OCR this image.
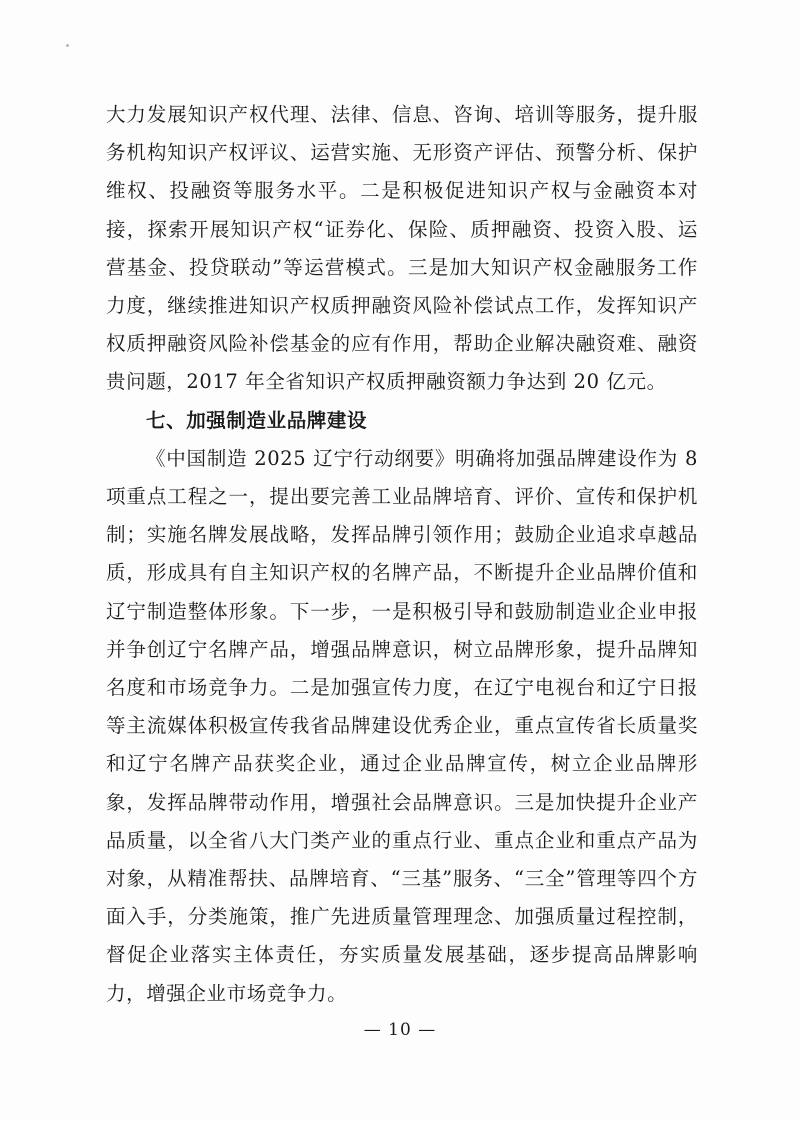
大力发展知识产权代理、法律、信息、咨询、培训等服务，提升服务机构知识产权评议、运营实施、无形资产评估、预警分析、保护维权、投融资等服务水平。二是积极促进知识产权与金融资本对接，探索开展知识产权“证券化、保险、质押融资、投资入股、运营基金、投贷联动”等运营模式。三是加大知识产权金融服务工作力度，继续推进知识产权质押融资风险补偿试点工作，发挥知识产权质押融资风险补偿基金的应有作用，帮助企业解决融资难、融资贵问题，2017 年全省知识产权质押融资额力争达到 20 亿元。

七、加强制造业品牌建设

《中国制造 2025 辽宁行动纲要》明确将加强品牌建设作为 8 项重点工程之一，提出要完善工业品牌培育、评价、宣传和保护机制；实施名牌发展战略，发挥品牌引领作用；鼓励企业追求卓越品质，形成具有自主知识产权的名牌产品，不断提升企业品牌价值和辽宁制造整体形象。下一步，一是积极引导和鼓励制造业企业申报并争创辽宁名牌产品，增强品牌意识，树立品牌形象，提升品牌知名度和市场竞争力。二是加强宣传力度，在辽宁电视台和辽宁日报等主流媒体积极宣传我省品牌建设优秀企业，重点宣传省长质量奖和辽宁名牌产品获奖企业，通过企业品牌宣传，树立企业品牌形象，发挥品牌带动作用，增强社会品牌意识。三是加快提升企业产品质量，以全省八大门类产业的重点行业、重点企业和重点产品为对象，从精准帮扶、品牌培育、“三基”服务、“三全”管理等四个方面入手，分类施策，推广先进质量管理理念、加强质量过程控制，督促企业落实主体责任，夯实质量发展基础，逐步提高品牌影响力，增强企业市场竞争力。

— 10 —
